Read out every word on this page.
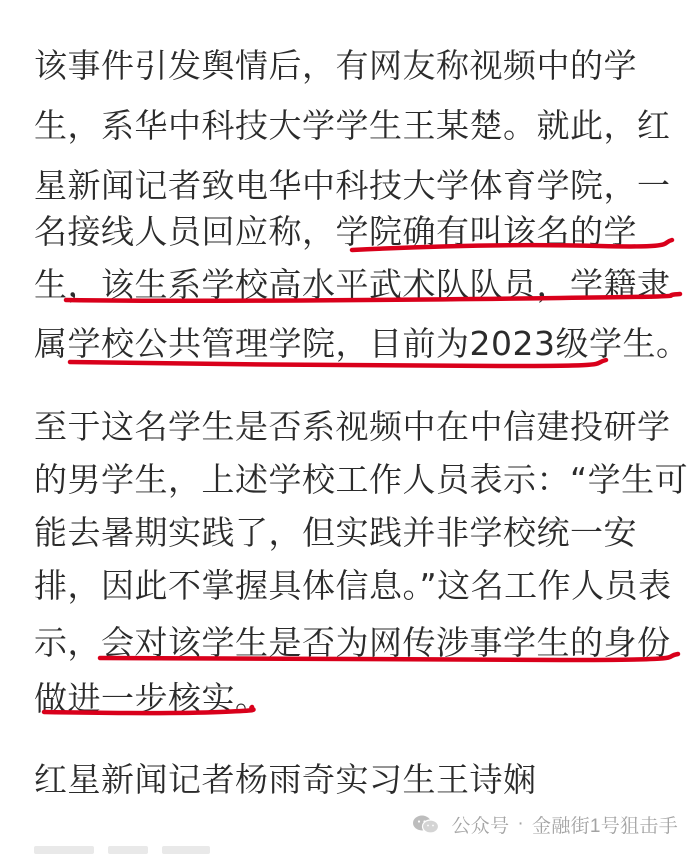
该事件引发舆情后，有网友称视频中的学
生，系华中科技大学学生王某楚。就此，红
星新闻记者致电华中科技大学体育学院，一
名接线人员回应称，学院确有叫该名的学
生，该生系学校高水平武术队队员，学籍隶
属学校公共管理学院，目前为2023级学生。
至于这名学生是否系视频中在中信建投研学
的男学生，上述学校工作人员表示：“学生可
能去暑期实践了，但实践并非学校统一安
排，因此不掌握具体信息。”这名工作人员表
示，会对该学生是否为网传涉事学生的身份
做进一步核实。
红星新闻记者杨雨奇实习生王诗娴
公众号 · 金融街1号狙击手
